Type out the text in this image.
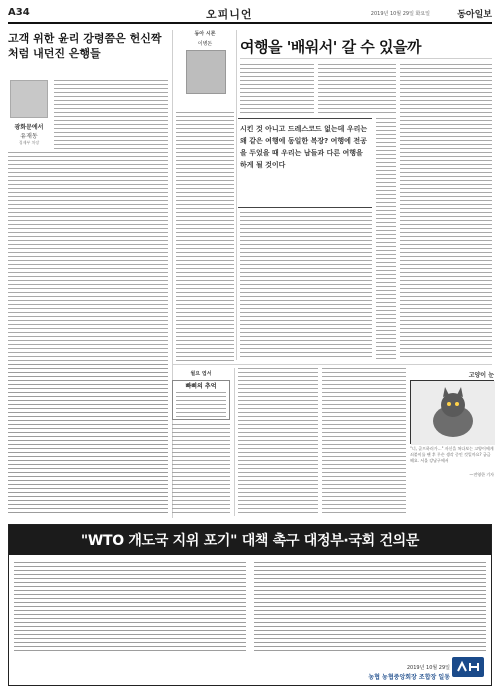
A34	오피니언	2019년 10월 29일 화요일	동아일보
고객 위한 윤리 강령쯤은 헌신짝처럼 내던진 은행들
광화문에서
유재동
경제부 차장
동아 시론
이병돈	여행을 '배워서' 갈 수 있을까
시킨 것 아니고 드레스코드 없는데 우리는 왜 같은 여행에 동일한 복장? 여행에 전공을 두었을 때 우리는 남들과 다른 여행을 하게 될 것이다
월요 엽서
빠삐의 추억
고양이 눈
"너, 골프하러가…" 자신을 쳐다보는 고양이에게 쇠붙이를 팬 후 무슨 생각 중인 것일까요? 궁금해요. 서울 강남구에서
—전영한 기자
"WTO 개도국 지위 포기" 대책 촉구 대정부·국회 건의문
2019년 10월 29일
농협 농협중앙회장 조합장 일동
